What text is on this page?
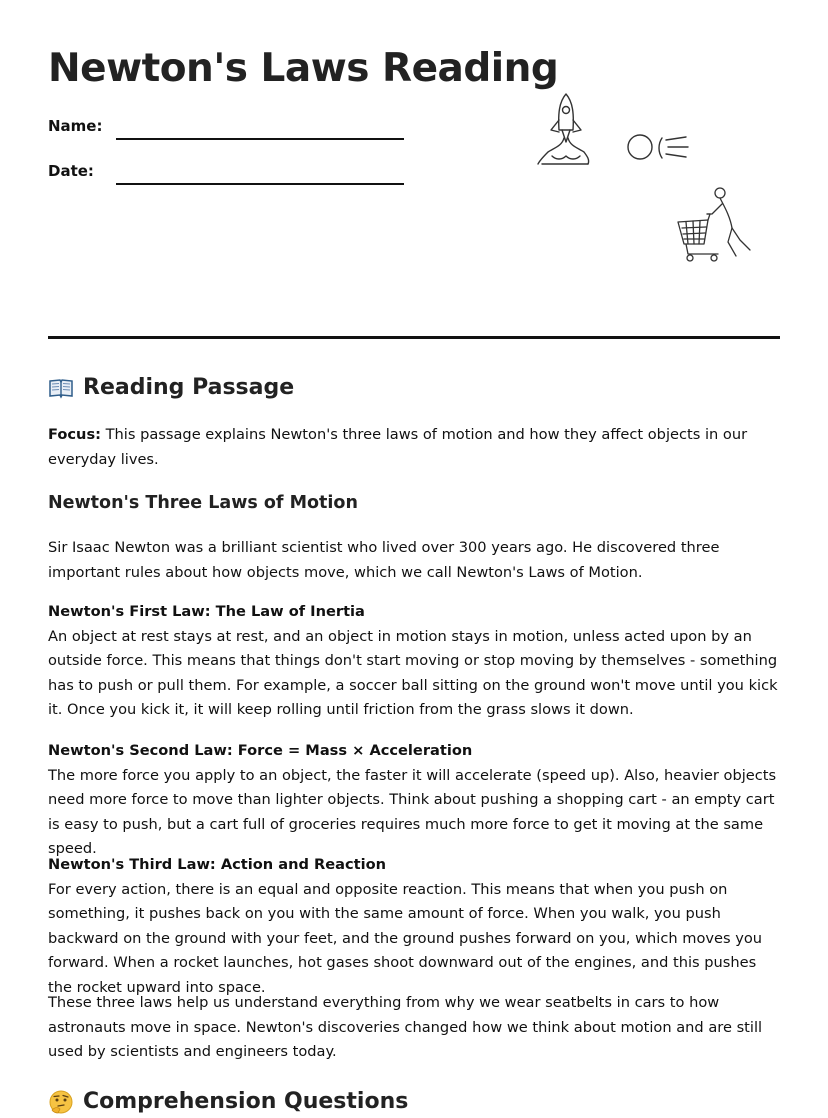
Newton's Laws Reading
Name:
Date:
Reading Passage

Focus: This passage explains Newton's three laws of motion and how they affect objects in our everyday lives.

Newton's Three Laws of Motion

Sir Isaac Newton was a brilliant scientist who lived over 300 years ago. He discovered three important rules about how objects move, which we call Newton's Laws of Motion.

Newton's First Law: The Law of Inertia

An object at rest stays at rest, and an object in motion stays in motion, unless acted upon by an outside force. This means that things don't start moving or stop moving by themselves - something has to push or pull them. For example, a soccer ball sitting on the ground won't move until you kick it. Once you kick it, it will keep rolling until friction from the grass slows it down.

Newton's Second Law: Force = Mass × Acceleration

The more force you apply to an object, the faster it will accelerate (speed up). Also, heavier objects need more force to move than lighter objects. Think about pushing a shopping cart - an empty cart is easy to push, but a cart full of groceries requires much more force to get it moving at the same speed.

Newton's Third Law: Action and Reaction

For every action, there is an equal and opposite reaction. This means that when you push on something, it pushes back on you with the same amount of force. When you walk, you push backward on the ground with your feet, and the ground pushes forward on you, which moves you forward. When a rocket launches, hot gases shoot downward out of the engines, and this pushes the rocket upward into space.

These three laws help us understand everything from why we wear seatbelts in cars to how astronauts move in space. Newton's discoveries changed how we think about motion and are still used by scientists and engineers today.

Comprehension Questions
